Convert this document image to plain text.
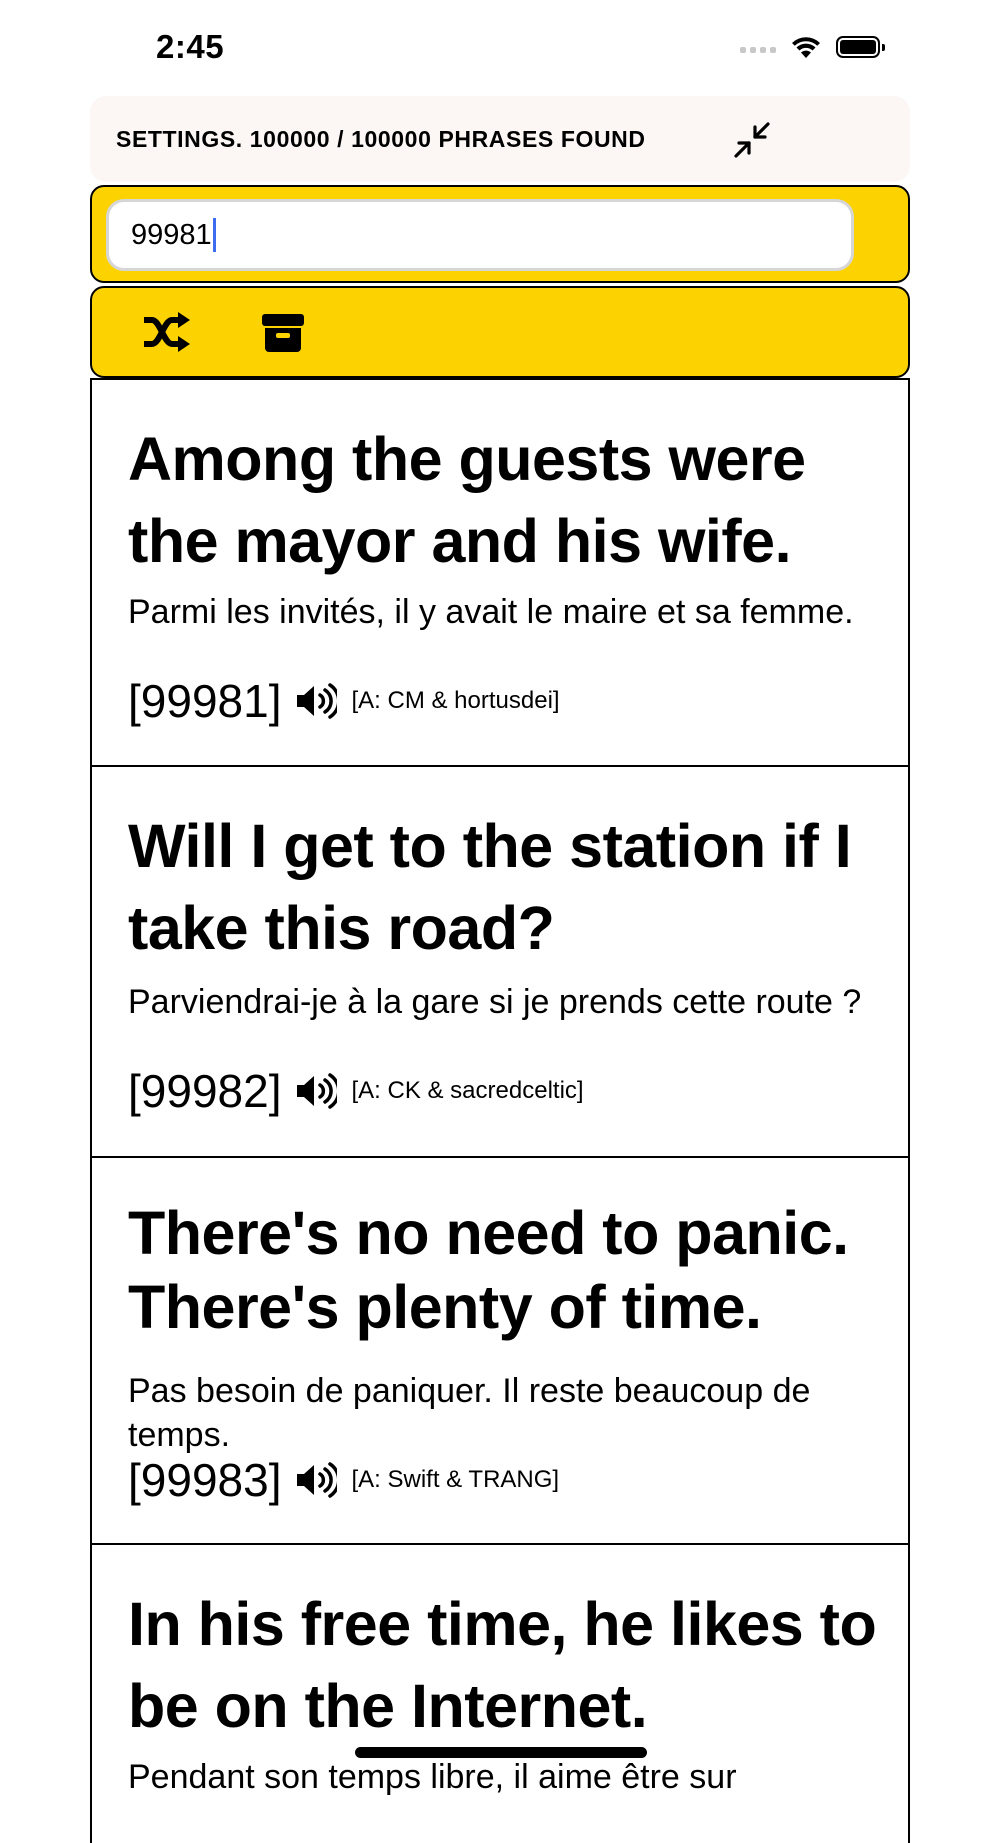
2:45
SETTINGS. 100000 / 100000 PHRASES FOUND
99981
Among the guests were the mayor and his wife.
Parmi les invités, il y avait le maire et sa femme.
[99981]	[A: CM & hortusdei]
Will I get to the station if I take this road?
Parviendrai-je à la gare si je prends cette route ?
[99982]	[A: CK & sacredceltic]
There's no need to panic. There's plenty of time.
Pas besoin de paniquer. Il reste beaucoup de temps.
[99983]	[A: Swift & TRANG]
In his free time, he likes to be on the Internet.
Pendant son temps libre, il aime être sur
